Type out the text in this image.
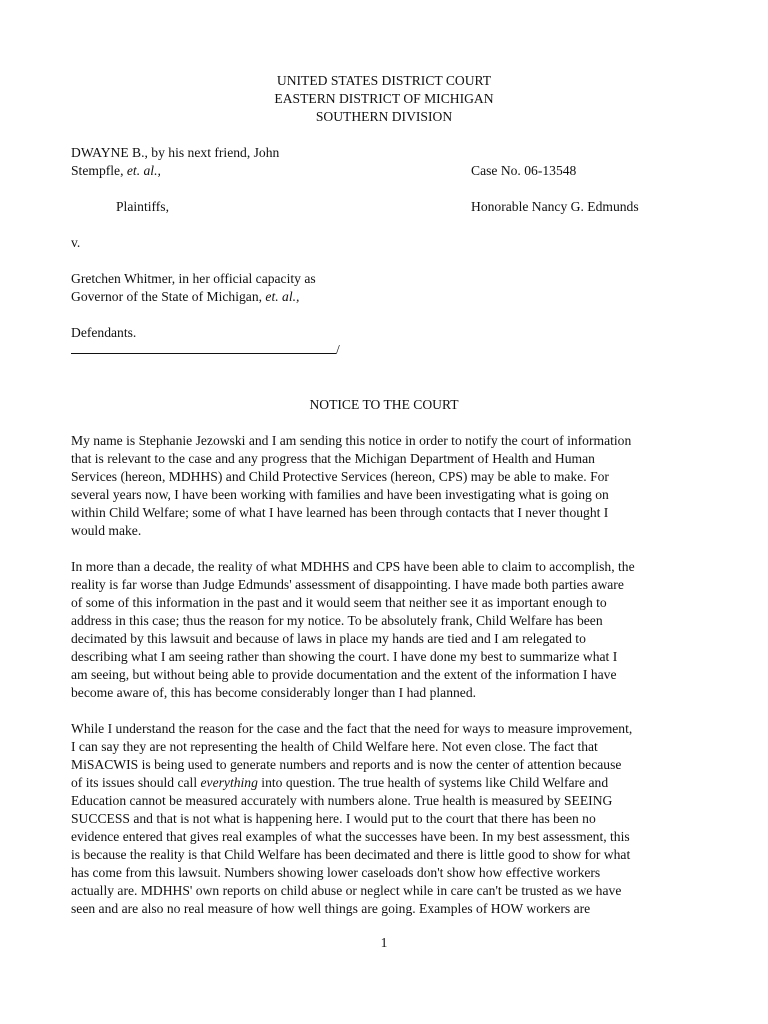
UNITED STATES DISTRICT COURT
EASTERN DISTRICT OF MICHIGAN
SOUTHERN DIVISION
DWAYNE B., by his next friend, John
Stempfle, et. al.,	Case No. 06-13548
Plaintiffs,	Honorable Nancy G. Edmunds
v.
Gretchen Whitmer, in her official capacity as
Governor of the State of Michigan, et. al.,
Defendants.
/
NOTICE TO THE COURT
My name is Stephanie Jezowski and I am sending this notice in order to notify the court of information
that is relevant to the case and any progress that the Michigan Department of Health and Human
Services (hereon, MDHHS) and Child Protective Services (hereon, CPS) may be able to make. For
several years now, I have been working with families and have been investigating what is going on
within Child Welfare; some of what I have learned has been through contacts that I never thought I
would make.
In more than a decade, the reality of what MDHHS and CPS have been able to claim to accomplish, the
reality is far worse than Judge Edmunds' assessment of disappointing. I have made both parties aware
of some of this information in the past and it would seem that neither see it as important enough to
address in this case; thus the reason for my notice. To be absolutely frank, Child Welfare has been
decimated by this lawsuit and because of laws in place my hands are tied and I am relegated to
describing what I am seeing rather than showing the court. I have done my best to summarize what I
am seeing, but without being able to provide documentation and the extent of the information I have
become aware of, this has become considerably longer than I had planned.
While I understand the reason for the case and the fact that the need for ways to measure improvement,
I can say they are not representing the health of Child Welfare here. Not even close. The fact that
MiSACWIS is being used to generate numbers and reports and is now the center of attention because
of its issues should call everything into question. The true health of systems like Child Welfare and
Education cannot be measured accurately with numbers alone. True health is measured by SEEING
SUCCESS and that is not what is happening here. I would put to the court that there has been no
evidence entered that gives real examples of what the successes have been. In my best assessment, this
is because the reality is that Child Welfare has been decimated and there is little good to show for what
has come from this lawsuit. Numbers showing lower caseloads don't show how effective workers
actually are. MDHHS' own reports on child abuse or neglect while in care can't be trusted as we have
seen and are also no real measure of how well things are going. Examples of HOW workers are
1
